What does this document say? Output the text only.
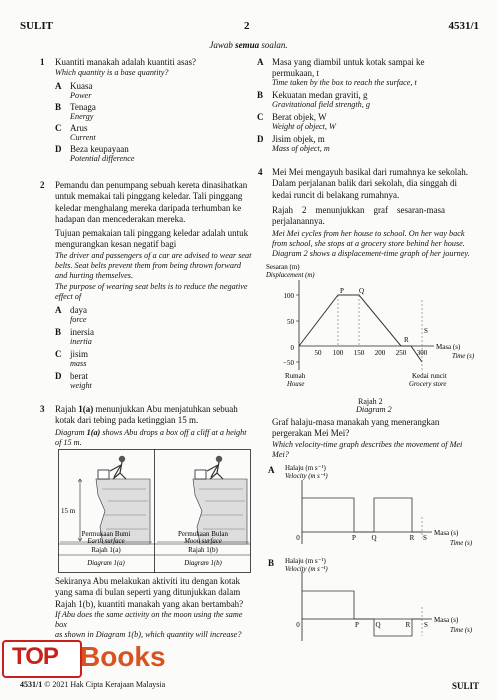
SULIT	2	4531/1
Jawab semua soalan.
1 Kuantiti manakah adalah kuantiti asas?
Which quantity is a base quantity?
A Kuasa
Power
B Tenaga
Energy
C Arus
Current
D Beza keupayaan
Potential difference
2 Pemandu dan penumpang sebuah kereta dinasihatkan
untuk memakai tali pinggang keledar. Tali pinggang
keledar menghalang mereka daripada terhumban ke
hadapan dan mencederakan mereka.
Tujuan pemakaian tali pinggang keledar adalah untuk
mengurangkan kesan negatif bagi
The driver and passengers of a car are advised to wear seat
belts. Seat belts prevent them from being thrown forward
and hurting themselves.
The purpose of wearing seat belts is to reduce the negative
effect of
A daya
force
B inersia
inertia
C jisim
mass
D berat
weight
3 Rajah 1(a) menunjukkan Abu menjatuhkan sebuah
kotak dari tebing pada ketinggian 15 m.
Diagram 1(a) shows Abu drops a box off a cliff at a height
of 15 m.
15 m
Permukaan Bumi
Earth surface
Permukaan Bulan
Moon surface
Rajah 1(a)
Diagram 1(a)
Rajah 1(b)
Diagram 1(b)
Sekiranya Abu melakukan aktiviti itu dengan kotak
yang sama di bulan seperti yang ditunjukkan dalam
Rajah 1(b), kuantiti manakah yang akan bertambah?
If Abu does the same activity on the moon using the same box
as shown in Diagram 1(b), which quantity will increase?
A Masa yang diambil untuk kotak sampai ke
permukaan, t
Time taken by the box to reach the surface, t
B Kekuatan medan graviti, g
Gravitational field strength, g
C Berat objek, W
Weight of object, W
D Jisim objek, m
Mass of object, m
4 Mei Mei mengayuh basikal dari rumahnya ke sekolah.
Dalam perjalanan balik dari sekolah, dia singgah di
kedai runcit di belakang rumahnya.
Rajah    2    menunjukkan    graf    sesaran-masa
perjalanannya.
Mei Mei cycles from her house to school. On her way back
from school, she stops at a grocery store behind her house.
Diagram 2 shows a displacement-time graph of her journey.
Sesaran (m)
Displacement (m)
100
50
0
−50
50 100 150 200 250 300
P Q
R
S
Masa (s)
Time (s)
Rumah
House
Kedai runcit
Grocery store
Rajah 2
Diagram 2
Graf halaju-masa manakah yang menerangkan
pergerakan Mei Mei?
Which velocity-time graph describes the movement of Mei
Mei?
A Halaju (m s⁻¹)
Velocity (m s⁻¹)
0	P Q	R S
Masa (s)
Time (s)
B Halaju (m s⁻¹)
Velocity (m s⁻¹)
0	P Q	R S
Masa (s)
Time (s)
TOP Books
4531/1 © 2021 Hak Cipta Kerajaan Malaysia	SULIT
